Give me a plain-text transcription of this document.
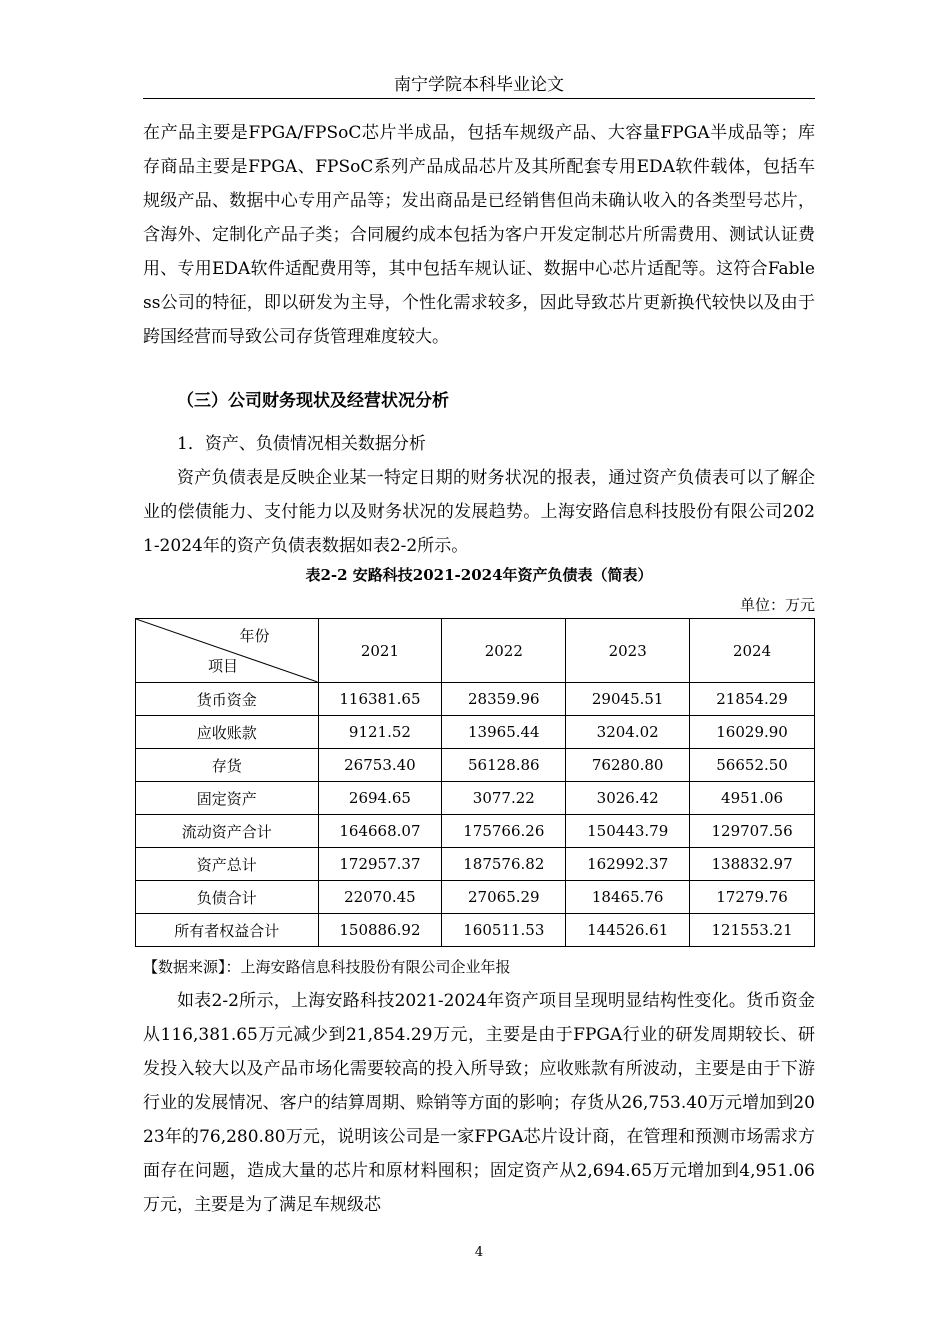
南宁学院本科毕业论文

在产品主要是FPGA/FPSoC芯片半成品，包括车规级产品、大容量FPGA半成品等；库存商品主要是FPGA、FPSoC系列产品成品芯片及其所配套专用EDA软件载体，包括车规级产品、数据中心专用产品等；发出商品是已经销售但尚未确认收入的各类型号芯片，含海外、定制化产品子类；合同履约成本包括为客户开发定制芯片所需费用、测试认证费用、专用EDA软件适配费用等，其中包括车规认证、数据中心芯片适配等。这符合Fabless公司的特征，即以研发为主导，个性化需求较多，因此导致芯片更新换代较快以及由于跨国经营而导致公司存货管理难度较大。

（三）公司财务现状及经营状况分析

1．资产、负债情况相关数据分析

资产负债表是反映企业某一特定日期的财务状况的报表，通过资产负债表可以了解企业的偿债能力、支付能力以及财务状况的发展趋势。上海安路信息科技股份有限公司2021-2024年的资产负债表数据如表2-2所示。

表2-2 安路科技2021-2024年资产负债表（简表）
单位：万元
年份
项目	2021	2022	2023	2024
货币资金	116381.65	28359.96	29045.51	21854.29
应收账款	9121.52	13965.44	3204.02	16029.90
存货	26753.40	56128.86	76280.80	56652.50
固定资产	2694.65	3077.22	3026.42	4951.06
流动资产合计	164668.07	175766.26	150443.79	129707.56
资产总计	172957.37	187576.82	162992.37	138832.97
负债合计	22070.45	27065.29	18465.76	17279.76
所有者权益合计	150886.92	160511.53	144526.61	121553.21
【数据来源】：上海安路信息科技股份有限公司企业年报

如表2-2所示，上海安路科技2021-2024年资产项目呈现明显结构性变化。货币资金从116,381.65万元减少到21,854.29万元，主要是由于FPGA行业的研发周期较长、研发投入较大以及产品市场化需要较高的投入所导致；应收账款有所波动，主要是由于下游行业的发展情况、客户的结算周期、赊销等方面的影响；存货从26,753.40万元增加到2023年的76,280.80万元，说明该公司是一家FPGA芯片设计商，在管理和预测市场需求方面存在问题，造成大量的芯片和原材料囤积；固定资产从2,694.65万元增加到4,951.06万元，主要是为了满足车规级芯

4
